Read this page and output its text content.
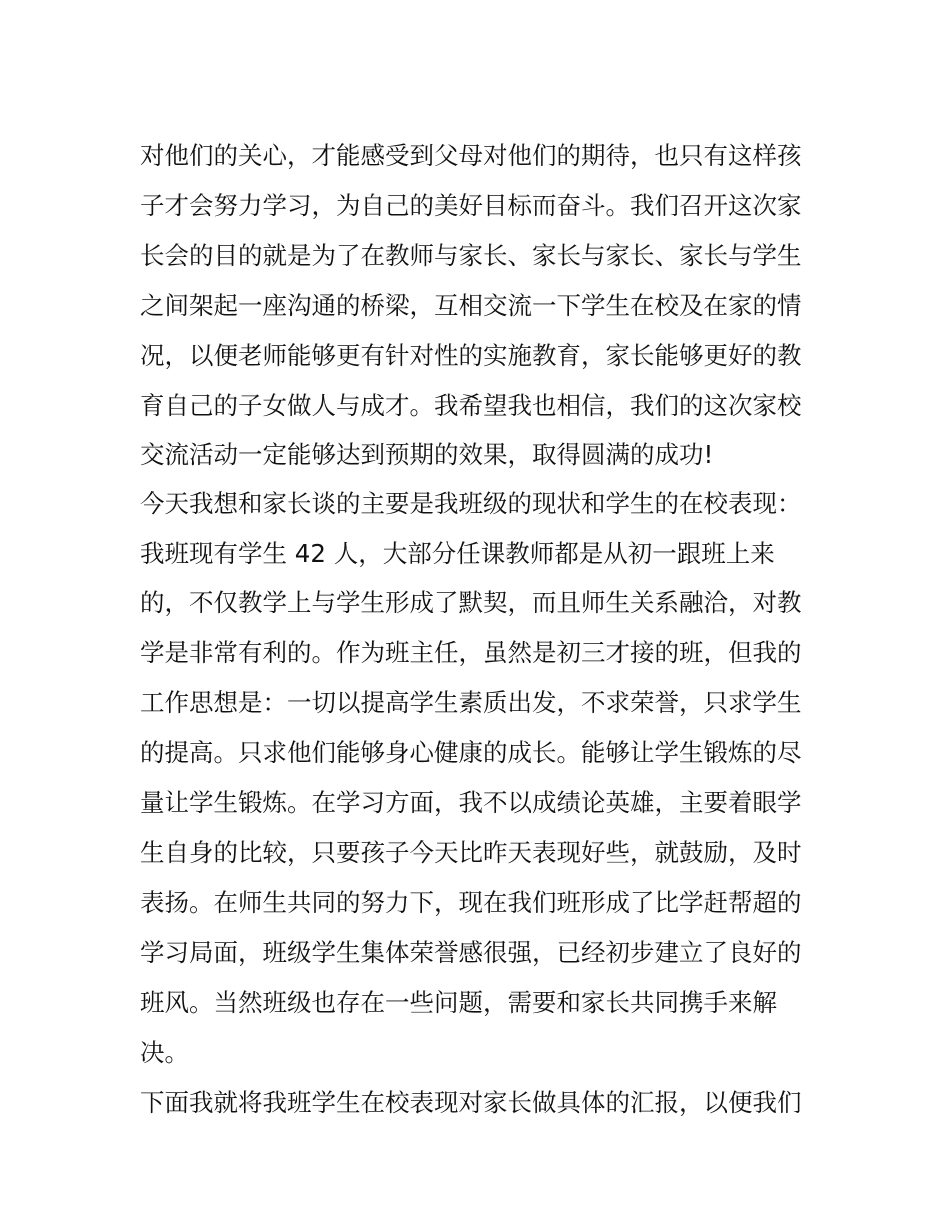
对他们的关心，才能感受到父母对他们的期待，也只有这样孩
子才会努力学习，为自己的美好目标而奋斗。我们召开这次家
长会的目的就是为了在教师与家长、家长与家长、家长与学生
之间架起一座沟通的桥梁，互相交流一下学生在校及在家的情
况，以便老师能够更有针对性的实施教育，家长能够更好的教
育自己的子女做人与成才。我希望我也相信，我们的这次家校
交流活动一定能够达到预期的效果，取得圆满的成功!
今天我想和家长谈的主要是我班级的现状和学生的在校表现：
我班现有学生 42 人，大部分任课教师都是从初一跟班上来
的，不仅教学上与学生形成了默契，而且师生关系融洽，对教
学是非常有利的。作为班主任，虽然是初三才接的班，但我的
工作思想是：一切以提高学生素质出发，不求荣誉，只求学生
的提高。只求他们能够身心健康的成长。能够让学生锻炼的尽
量让学生锻炼。在学习方面，我不以成绩论英雄，主要着眼学
生自身的比较，只要孩子今天比昨天表现好些，就鼓励，及时
表扬。在师生共同的努力下，现在我们班形成了比学赶帮超的
学习局面，班级学生集体荣誉感很强，已经初步建立了良好的
班风。当然班级也存在一些问题，需要和家长共同携手来解
决。
下面我就将我班学生在校表现对家长做具体的汇报，以便我们
